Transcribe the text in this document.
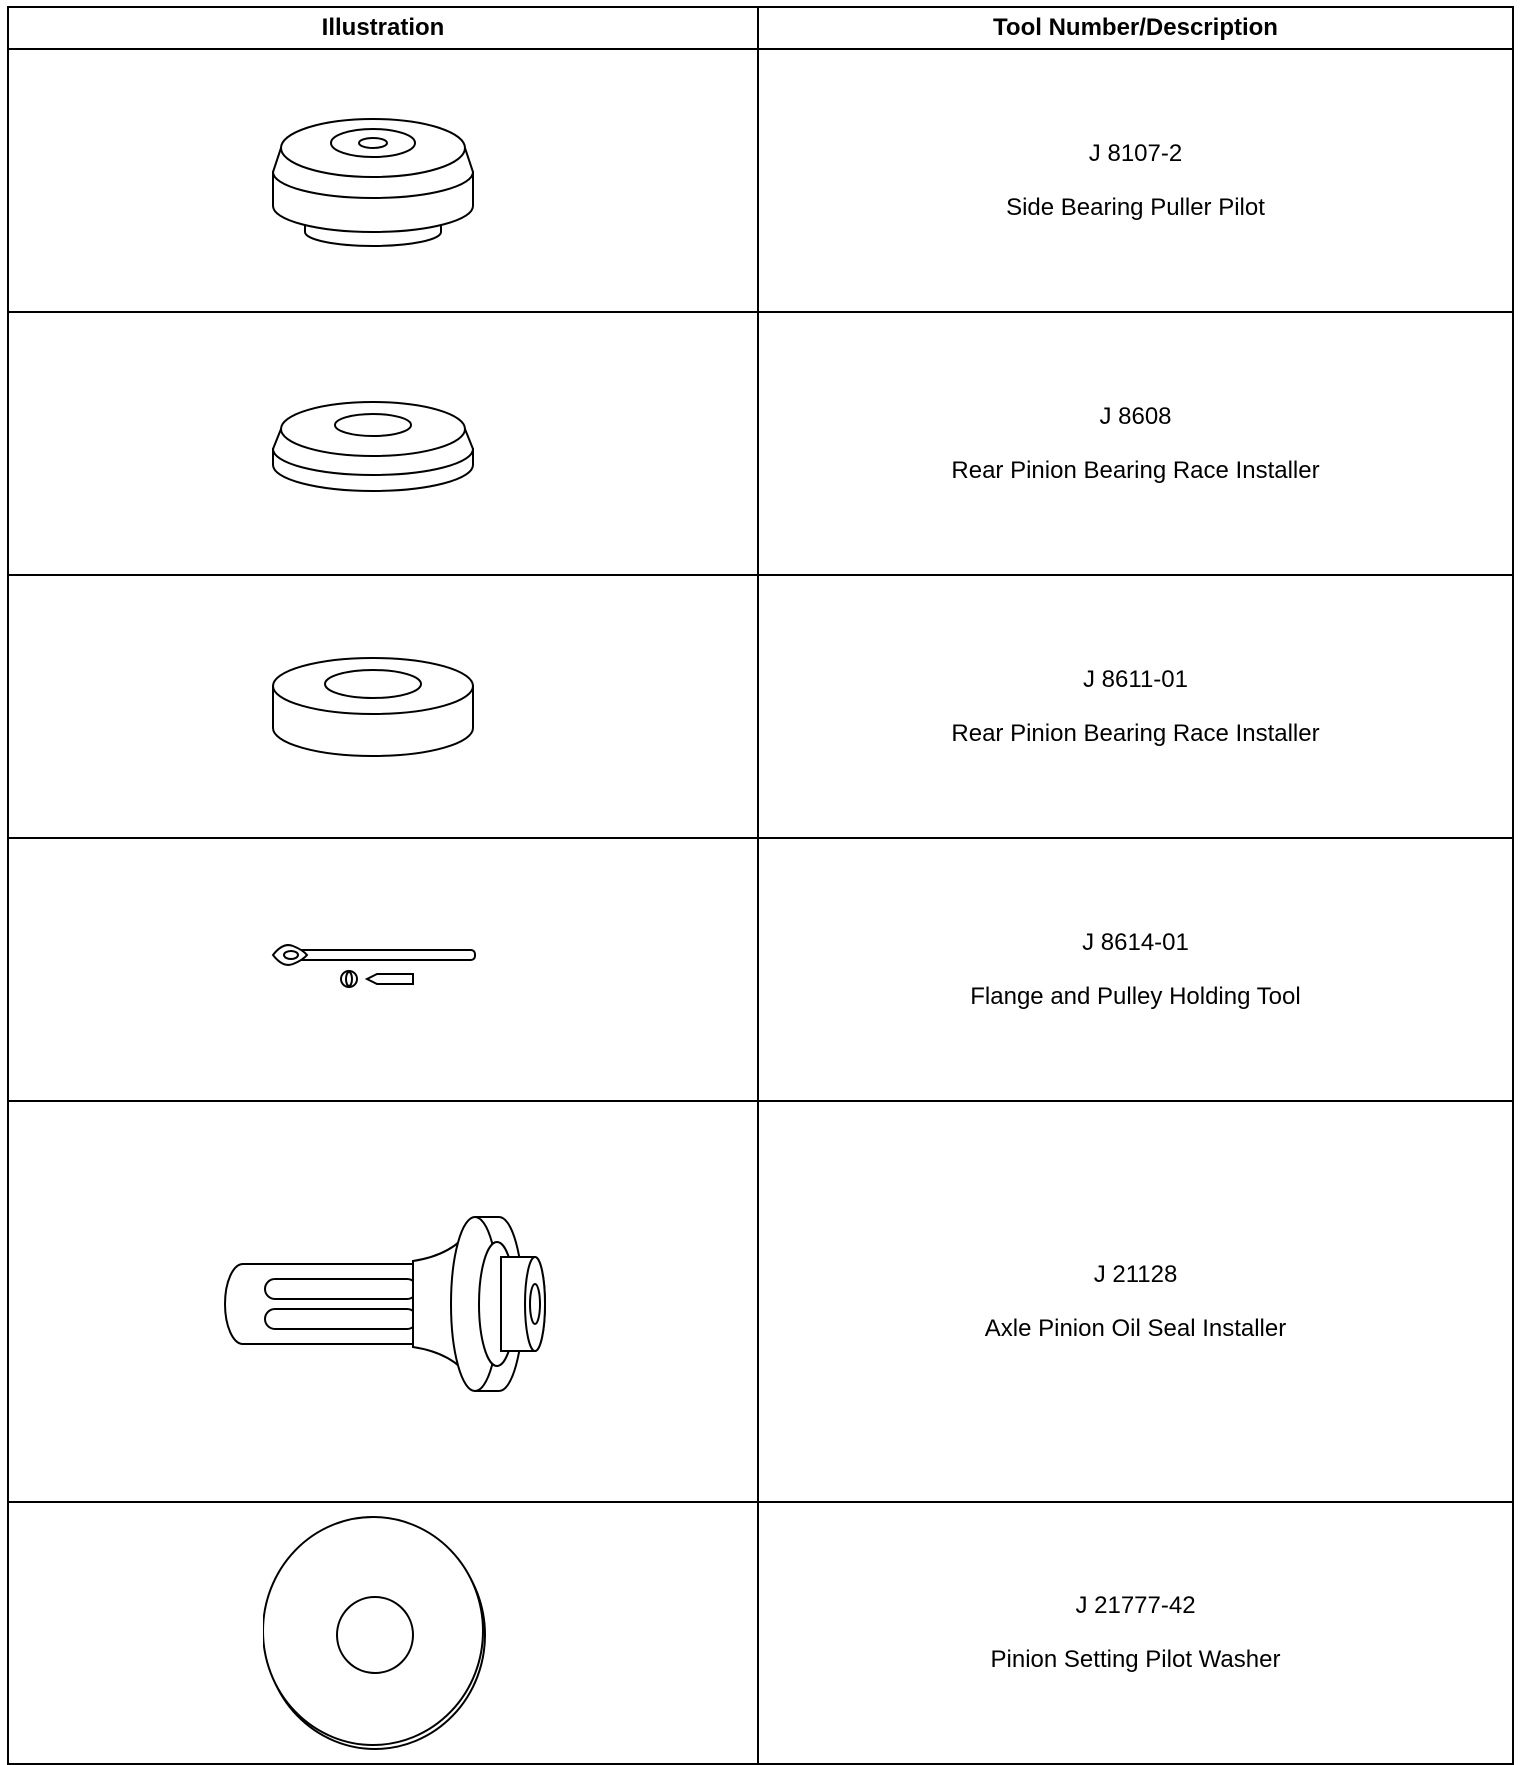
Illustration	Tool Number/Description

J 8107-2
Side Bearing Puller Pilot

J 8608
Rear Pinion Bearing Race Installer

J 8611-01
Rear Pinion Bearing Race Installer

J 8614-01
Flange and Pulley Holding Tool

J 21128
Axle Pinion Oil Seal Installer

J 21777-42
Pinion Setting Pilot Washer
